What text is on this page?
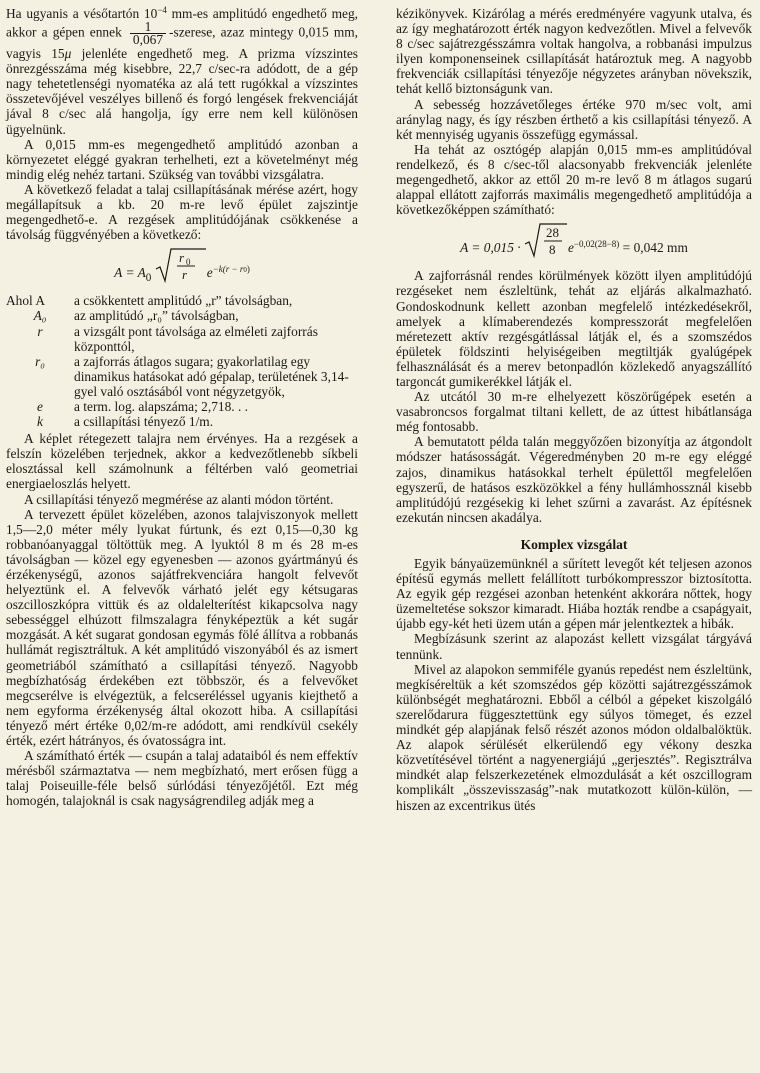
Ha ugyanis a vésőtartón $10^{-4}$ mm-es amplitúdó engedhető meg, akkor a gépen ennek $\frac{1}{0,067}$ -szerese, azaz mintegy 0,015 mm, vagyis 15μ jelenléte engedhető meg. A prizma vízszintes önrezgésszáma még kisebbre, 22,7 c/sec-ra adódott, de a gép nagy tehetetlenségi nyomatéka az alá tett rugókkal a vízszintes összetevőjével veszélyes billenő és forgó lengések frekvenciáját jával 8 c/sec alá hangolja, így erre nem kell különösen ügyelnünk.

A 0,015 mm-es megengedhető amplitúdó azonban a környezetet eléggé gyakran terhelheti, ezt a követelményt még mindig elég nehéz tartani. Szükség van további vizsgálatra.

A következő feladat a talaj csillapításának mérése azért, hogy megállapítsuk a kb. 20 m-re levő épület zajszintje megengedhető-e. A rezgések amplitúdójának csökkenése a távolság függvényében a következő:

$A = A_0$
r 0
r $e^{-k(r - r0)}$
Ahol A	a csökkentett amplitúdó „r” távolságban,
A₀	az amplitúdó „r₀” távolságban,
r	a vizsgált pont távolsága az elméleti zajforrás központtól,
r₀	a zajforrás átlagos sugara; gyakorlatilag egy dinamikus hatásokat adó gépalap, területének 3,14-gyel való osztásából vont négyzetgyök,
e	a term. log. alapszáma; 2,718. . .
k	a csillapítási tényező 1/m.

A képlet rétegezett talajra nem érvényes. Ha a rezgések a felszín közelében terjednek, akkor a kedvezőtlenebb síkbeli elosztással kell számolnunk a féltérben való geometriai energiaeloszlás helyett.

A csillapítási tényező megmérése az alanti módon történt.

A tervezett épület közelében, azonos talajviszonyok mellett 1,5—2,0 méter mély lyukat fúrtunk, és ezt 0,15—0,30 kg robbanóanyaggal töltöttük meg. A lyuktól 8 m és 28 m-es távolságban — közel egy egyenesben — azonos gyártmányú és érzékenységű, azonos sajátfrekvenciára hangolt felvevőt helyeztünk el. A felvevők várható jelét egy kétsugaras oszcilloszkópra vittük és az oldalelterítést kikapcsolva nagy sebességgel elhúzott filmszalagra fényképeztük a két sugár mozgását. A két sugarat gondosan egymás fölé állítva a robbanás hullámát regisztráltuk. A két amplitúdó viszonyából és az ismert geometriából számítható a csillapítási tényező. Nagyobb megbízhatóság érdekében ezt többször, és a felvevőket megcserélve is elvégeztük, a felcseréléssel ugyanis kiejthető a nem egyforma érzékenység által okozott hiba. A csillapítási tényező mért értéke 0,02/m-re adódott, ami rendkívül csekély érték, ezért hátrányos, és óvatosságra int.

A számítható érték — csupán a talaj adataiból és nem effektív mérésből származtatva — nem megbízható, mert erősen függ a talaj Poiseuille-féle belső súrlódási tényezőjétől. Ezt még homogén, talajoknál is csak nagyságrendileg adják meg a

kézikönyvek. Kizárólag a mérés eredményére vagyunk utalva, és az így meghatározott érték nagyon kedvezőtlen. Mivel a felvevők 8 c/sec sajátrezgésszámra voltak hangolva, a robbanási impulzus ilyen komponenseinek csillapítását határoztuk meg. A nagyobb frekvenciák csillapítási tényezője négyzetes arányban növekszik, tehát kellő biztonságunk van.

A sebesség hozzávetőleges értéke 970 m/sec volt, ami aránylag nagy, és így részben érthető a kis csillapítási tényező. A két mennyiség ugyanis összefügg egymással.

Ha tehát az osztógép alapján 0,015 mm-es amplitúdóval rendelkező, és 8 c/sec-től alacsonyabb frekvenciák jelenléte megengedhető, akkor az ettől 20 m-re levő 8 m átlagos sugarú alappal ellátott zajforrás maximális megengedhető amplitúdója a következőképpen számítható:

A = 0,015 ·
28
8 $e^{-0,02(28-8)} = 0,042$ mm

A zajforrásnál rendes körülmények között ilyen amplitúdójú rezgéseket nem észleltünk, tehát az eljárás alkalmazható. Gondoskodnunk kellett azonban megfelelő intézkedésekről, amelyek a klímaberendezés kompresszorát megfelelően méretezett aktív rezgésgátlással látják el, és a szomszédos épületek földszinti helyiségeiben megtiltják gyalúgépek felhasználását és a merev betonpadlón közlekedő anyagszállító targoncát gumikerékkel látják el.

Az utcától 30 m-re elhelyezett köszörűgépek esetén a vasabroncsos forgalmat tiltani kellett, de az úttest hibátlansága még fontosabb.

A bemutatott példa talán meggyőzően bizonyítja az átgondolt módszer hatásosságát. Végeredményben 20 m-re egy eléggé zajos, dinamikus hatásokkal terhelt épülettől megfelelően egyszerű, de hatásos eszközökkel a fény hullámhossznál kisebb amplitúdójú rezgésekig ki lehet szűrni a zavarást. Az építésnek ezekután nincsen akadálya.

Komplex vizsgálat

Egyik bányaüzemünknél a sűrített levegőt két teljesen azonos építésű egymás mellett felállított turbókompresszor biztosította. Az egyik gép rezgései azonban hetenként akkorára nőttek, hogy üzemeltetése sokszor kimaradt. Hiába hozták rendbe a csapágyait, újabb egy-két heti üzem után a gépen már jelentkeztek a hibák.

Megbízásunk szerint az alapozást kellett vizsgálat tárgyává tennünk.

Mivel az alapokon semmiféle gyanús repedést nem észleltünk, megkíséreltük a két szomszédos gép közötti sajátrezgésszámok különbségét meghatározni. Ebből a célból a gépeket kiszolgáló szerelődarura függesztettünk egy súlyos tömeget, és ezzel mindkét gép alapjának felső részét azonos módon oldalbalöktük. Az alapok sérülését elkerülendő egy vékony deszka közvetítésével történt a nagyenergiájú „gerjesztés”. Regisztrálva mindkét alap felszerkezetének elmozdulását a két oszcillogram komplikált „összevisszaság”-nak mutatkozott külön-külön, — hiszen az excentrikus ütés
